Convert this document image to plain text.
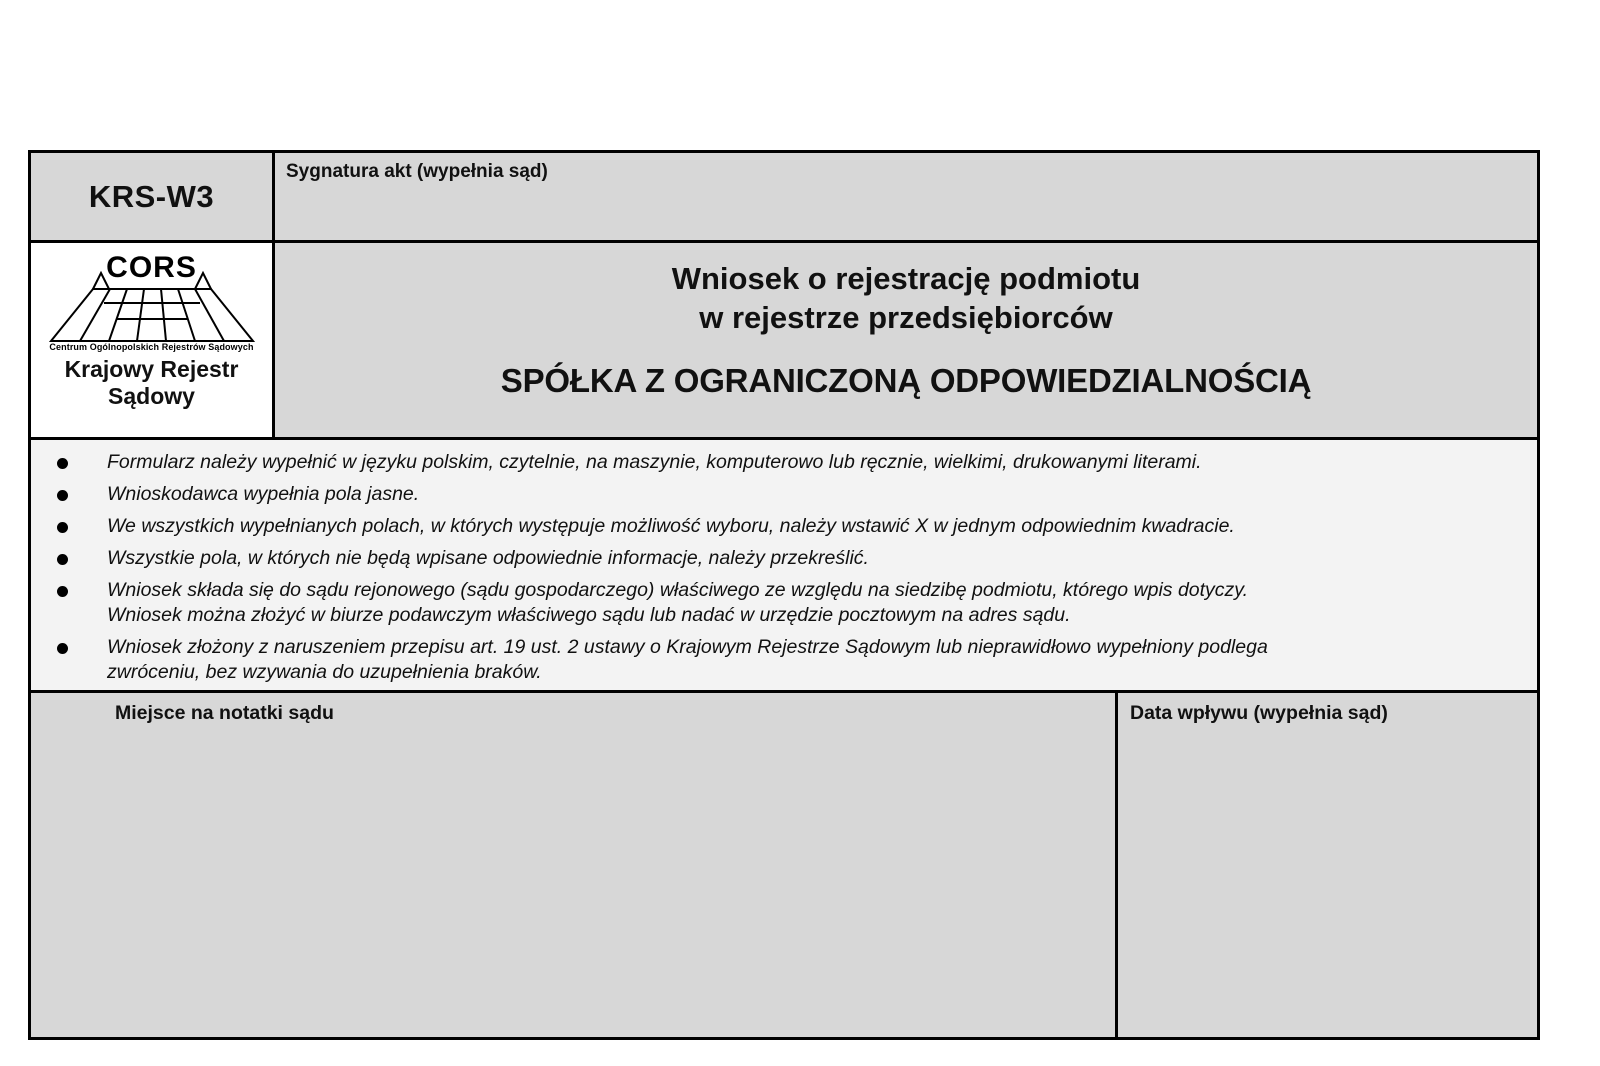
KRS-W3
Sygnatura akt (wypełnia sąd)
CORS
Centrum Ogólnopolskich Rejestrów Sądowych
Krajowy Rejestr
Sądowy
Wniosek o rejestrację podmiotu
w rejestrze przedsiębiorców
SPÓŁKA Z OGRANICZONĄ ODPOWIEDZIALNOŚCIĄ
Formularz należy wypełnić w języku polskim, czytelnie, na maszynie, komputerowo lub ręcznie, wielkimi, drukowanymi literami.
Wnioskodawca wypełnia pola jasne.
We wszystkich wypełnianych polach, w których występuje możliwość wyboru, należy wstawić X w jednym odpowiednim kwadracie.
Wszystkie pola, w których nie będą wpisane odpowiednie informacje, należy przekreślić.
Wniosek składa się do sądu rejonowego (sądu gospodarczego) właściwego ze względu na siedzibę podmiotu, którego wpis dotyczy.
Wniosek można złożyć w biurze podawczym właściwego sądu lub nadać w urzędzie pocztowym na adres sądu.
Wniosek złożony z naruszeniem przepisu art. 19 ust. 2 ustawy o Krajowym Rejestrze Sądowym lub nieprawidłowo wypełniony podlega
zwróceniu, bez wzywania do uzupełnienia braków.
Miejsce na notatki sądu	Data wpływu (wypełnia sąd)
